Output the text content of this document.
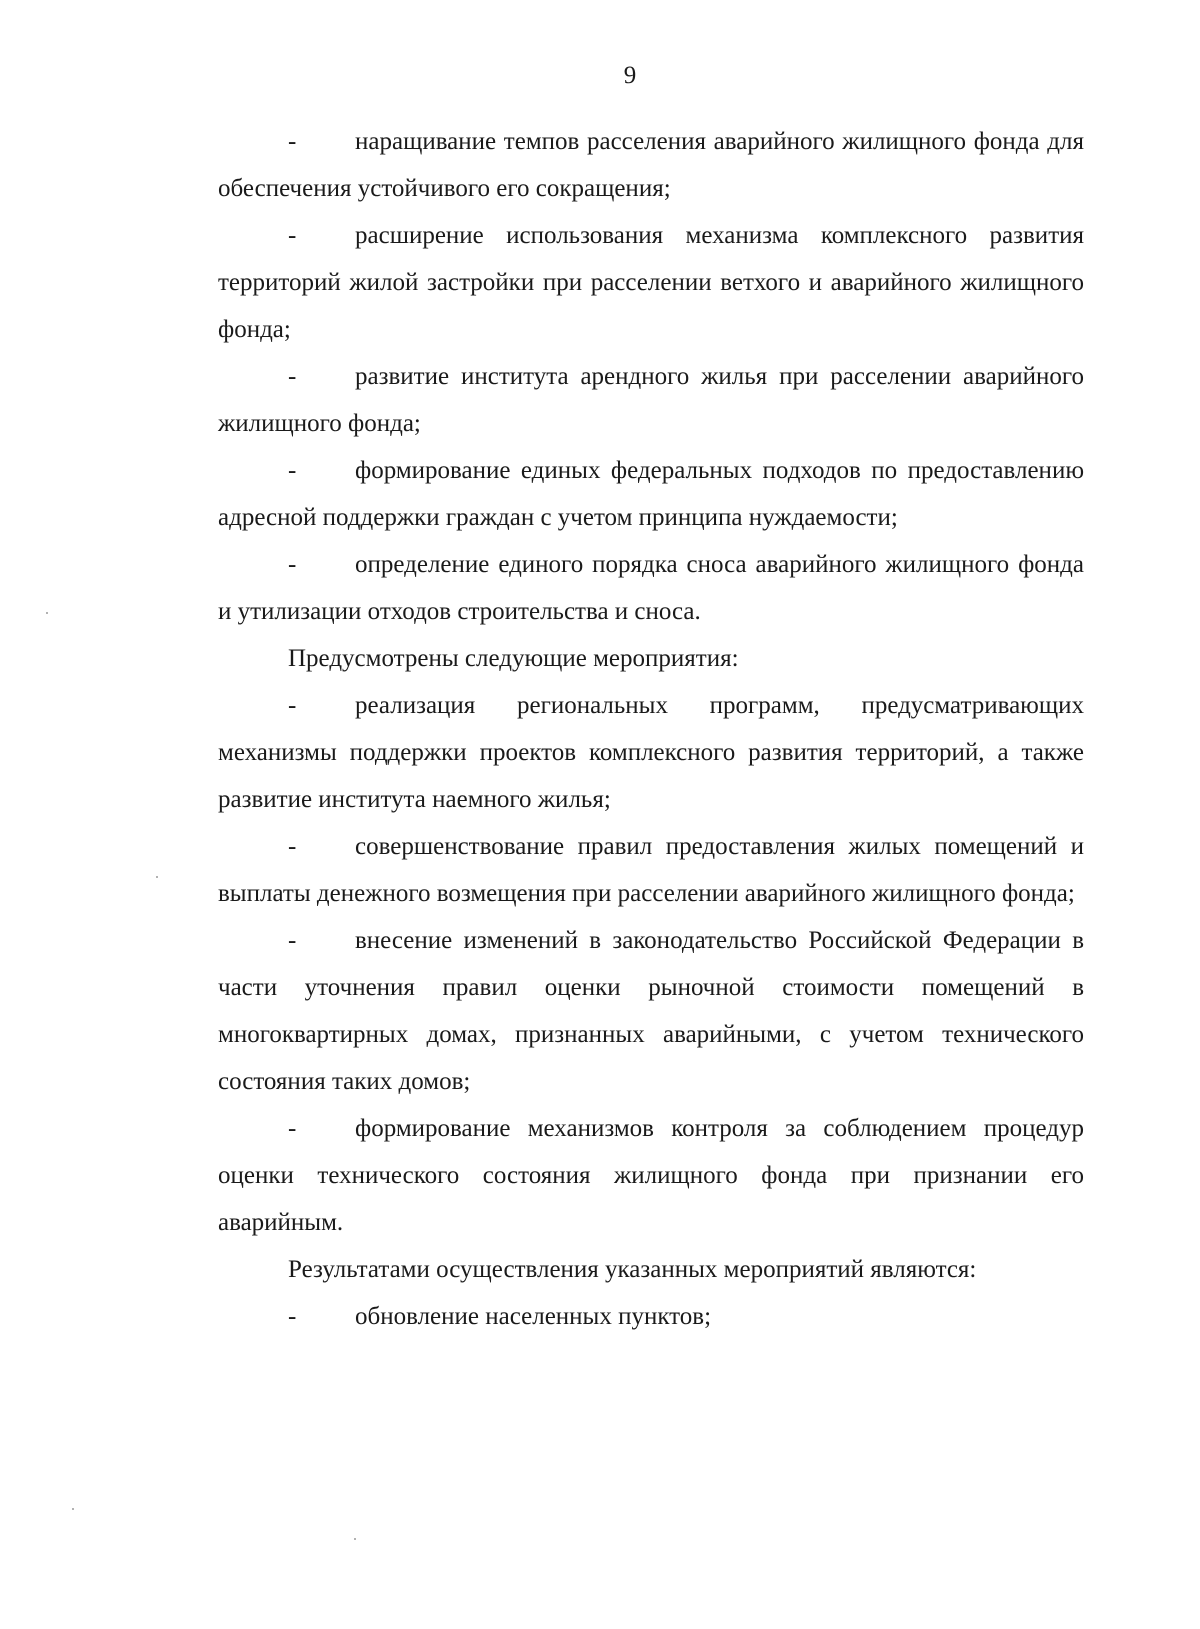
9

- наращивание темпов расселения аварийного жилищного фонда для обеспечения устойчивого его сокращения;

- расширение использования механизма комплексного развития территорий жилой застройки при расселении ветхого и аварийного жилищного фонда;

- развитие института арендного жилья при расселении аварийного жилищного фонда;

- формирование единых федеральных подходов по предоставлению адресной поддержки граждан с учетом принципа нуждаемости;

- определение единого порядка сноса аварийного жилищного фонда и утилизации отходов строительства и сноса.

Предусмотрены следующие мероприятия:

- реализация региональных программ, предусматривающих механизмы поддержки проектов комплексного развития территорий, а также развитие института наемного жилья;

- совершенствование правил предоставления жилых помещений и выплаты денежного возмещения при расселении аварийного жилищного фонда;

- внесение изменений в законодательство Российской Федерации в части уточнения правил оценки рыночной стоимости помещений в многоквартирных домах, признанных аварийными, с учетом технического состояния таких домов;

- формирование механизмов контроля за соблюдением процедур оценки технического состояния жилищного фонда при признании его аварийным.

Результатами осуществления указанных мероприятий являются:

- обновление населенных пунктов;
